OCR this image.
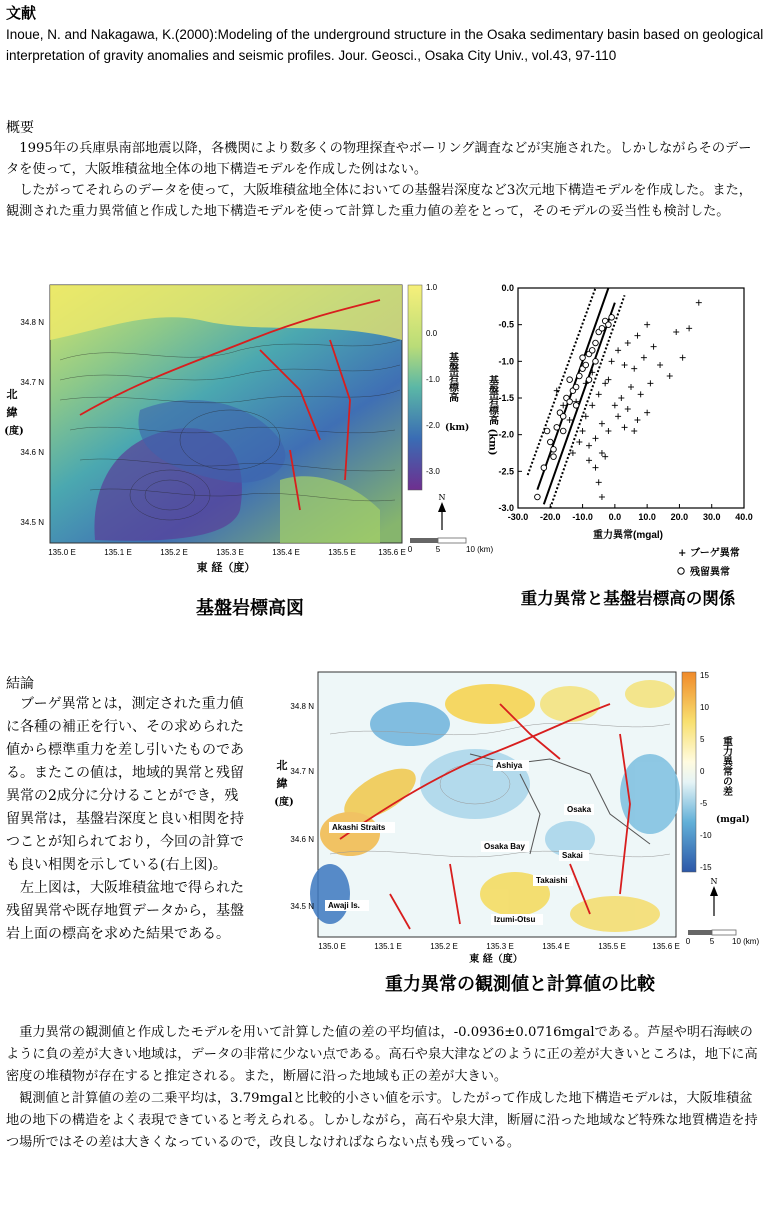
文献
Inoue, N. and Nakagawa, K.(2000):Modeling of the underground structure in the Osaka sedimentary basin based on geological interpretation of gravity anomalies and seismic profiles. Jour. Geosci., Osaka City Univ., vol.43, 97-110
概要

1995年の兵庫県南部地震以降，各機関により数多くの物理探査やボーリング調査などが実施された。しかしながらそのデータを使って，大阪堆積盆地全体の地下構造モデルを作成した例はない。

したがってそれらのデータを使って，大阪堆積盆地全体においての基盤岩深度など3次元地下構造モデルを作成した。また，観測された重力異常値と作成した地下構造モデルを使って計算した重力値の差をとって，そのモデルの妥当性も検討した。

34.8 N
34.7 N
34.6 N
34.5 N
135.0 E	135.1 E	135.2 E	135.3 E	135.4 E	135.5 E	135.6 E
東 経（度）
北
緯
(度)
1.0
0.0
-1.0
-2.0
-3.0
基盤岩標高
(km)
N
0	5	10 (km)
基盤岩標高図
0.0
-0.5
-1.0
-1.5
-2.0
-2.5
-3.0
-30.0 -20.0 -10.0 0.0 10.0 20.0 30.0 40.0
重力異常(mgal)
基盤岩標高 (km)
+ ブーゲ異常
残留異常
重力異常と基盤岩標高の関係
結論

ブーゲ異常とは，測定された重力値に各種の補正を行い、その求められた値から標準重力を差し引いたものである。またこの値は，地域的異常と残留異常の2成分に分けることができ，残留異常は，基盤岩深度と良い相関を持つことが知られており，今回の計算でも良い相関を示している(右上図)。

左上図は，大阪堆積盆地で得られた残留異常や既存地質データから，基盤岩上面の標高を求めた結果である。

Ashiya
Osaka
Akashi Straits
Osaka Bay
Sakai
Takaishi
Awaji Is.
Izumi-Otsu
34.8 N
34.7 N
34.6 N
34.5 N
135.0 E	135.1 E	135.2 E	135.3 E	135.4 E	135.5 E	135.6 E
東 経（度）
北
緯
(度)
15
10
5
0
-5
-10
-15
重力異常の差
(mgal)
N
0 5 10 (km)
重力異常の観測値と計算値の比較

重力異常の観測値と作成したモデルを用いて計算した値の差の平均値は，-0.0936±0.0716mgalである。芦屋や明石海峡のように負の差が大きい地域は，データの非常に少ない点である。高石や泉大津などのように正の差が大きいところは，地下に高密度の堆積物が存在すると推定される。また，断層に沿った地域も正の差が大きい。

観測値と計算値の差の二乗平均は，3.79mgalと比較的小さい値を示す。したがって作成した地下構造モデルは，大阪堆積盆地の地下の構造をよく表現できていると考えられる。しかしながら，高石や泉大津，断層に沿った地域など特殊な地質構造を持つ場所ではその差は大きくなっているので，改良しなければならない点も残っている。
